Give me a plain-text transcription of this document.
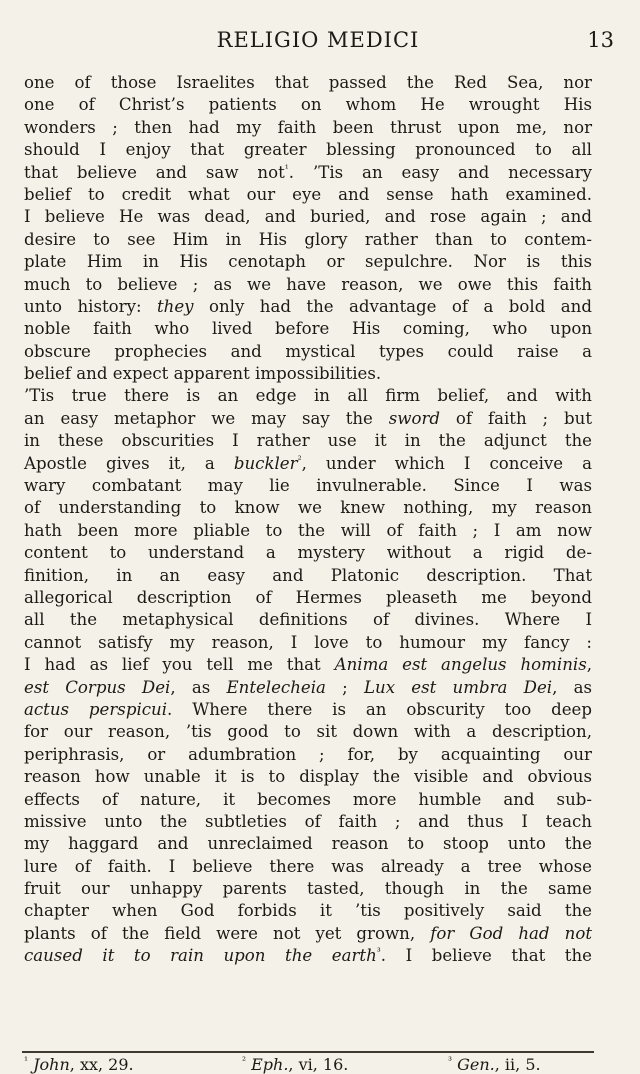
RELIGIO MEDICI	13
one of those Israelites that passed the Red Sea, nor
one of Christ’s patients on whom He wrought His
wonders ; then had my faith been thrust upon me, nor
should I enjoy that greater blessing pronounced to all
that believe and saw not$^{^1}$. ’Tis an easy and necessary
belief to credit what our eye and sense hath examined.
I believe He was dead, and buried, and rose again ; and
desire to see Him in His glory rather than to contem-
plate Him in His cenotaph or sepulchre. Nor is this
much to believe ; as we have reason, we owe this faith
unto history: they only had the advantage of a bold and
noble faith who lived before His coming, who upon
obscure prophecies and mystical types could raise a
belief and expect apparent impossibilities.
’Tis true there is an edge in all firm belief, and with
an easy metaphor we may say the sword of faith ; but
in these obscurities I rather use it in the adjunct the
Apostle gives it, a buckler$^{^2}$, under which I conceive a
wary combatant may lie invulnerable. Since I was
of understanding to know we knew nothing, my reason
hath been more pliable to the will of faith ; I am now
content to understand a mystery without a rigid de-
finition, in an easy and Platonic description. That
allegorical description of Hermes pleaseth me beyond
all the metaphysical definitions of divines. Where I
cannot satisfy my reason, I love to humour my fancy :
I had as lief you tell me that Anima est angelus hominis,
est Corpus Dei, as Entelecheia ; Lux est umbra Dei, as
actus perspicui. Where there is an obscurity too deep
for our reason, ’tis good to sit down with a description,
periphrasis, or adumbration ; for, by acquainting our
reason how unable it is to display the visible and obvious
effects of nature, it becomes more humble and sub-
missive unto the subtleties of faith ; and thus I teach
my haggard and unreclaimed reason to stoop unto the
lure of faith. I believe there was already a tree whose
fruit our unhappy parents tasted, though in the same
chapter when God forbids it ’tis positively said the
plants of the field were not yet grown, for God had not
caused it to rain upon the earth$^{^3}$. I believe that the
$^{^1}$ John, xx, 29.	$^{^2}$ Eph., vi, 16.	$^{^3}$ Gen., ii, 5.
